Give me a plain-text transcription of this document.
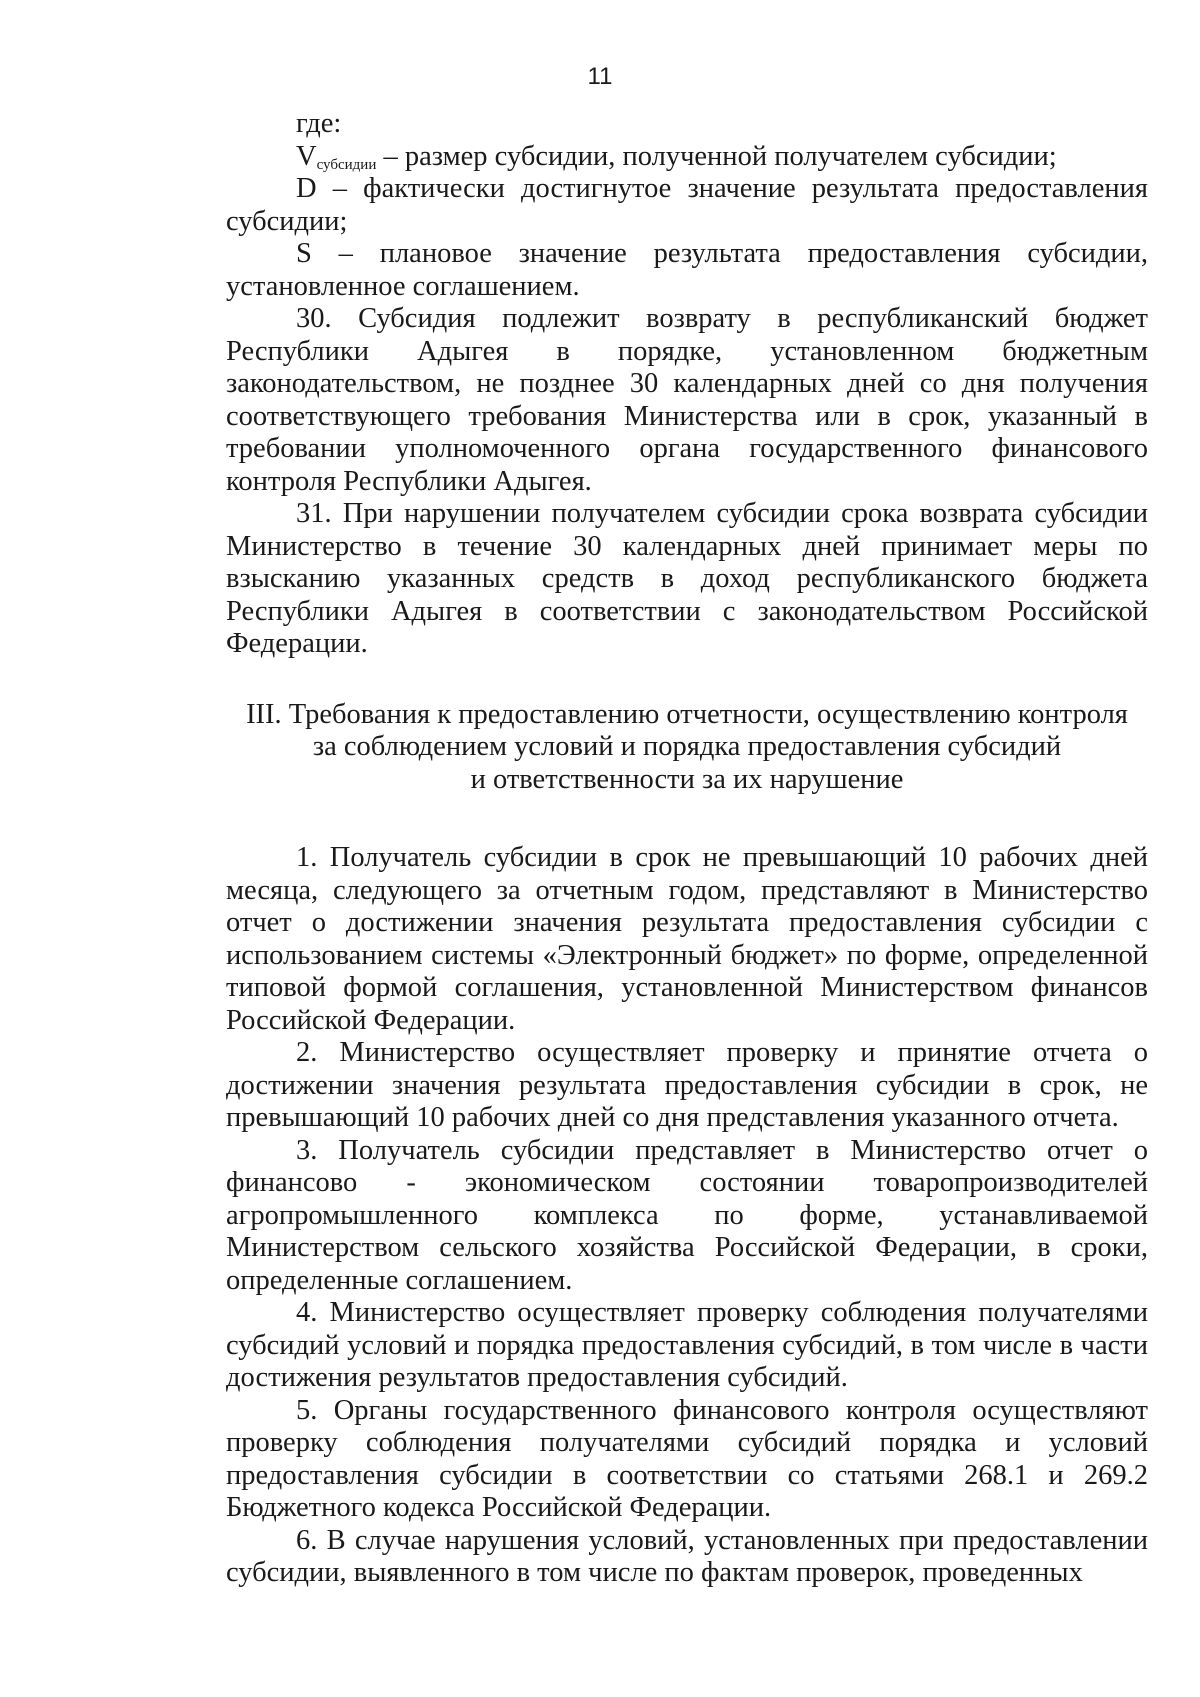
11

где:

$V_{субсидии}$ – размер субсидии, полученной получателем субсидии;

D – фактически достигнутое значение результата предоставления субсидии;

S – плановое значение результата предоставления субсидии, установленное соглашением.

30. Субсидия подлежит возврату в республиканский бюджет Республики Адыгея в порядке, установленном бюджетным законодательством, не позднее 30 календарных дней со дня получения соответствующего требования Министерства или в срок, указанный в требовании уполномоченного органа государственного финансового контроля Республики Адыгея.

31. При нарушении получателем субсидии срока возврата субсидии Министерство в течение 30 календарных дней принимает меры по взысканию указанных средств в доход республиканского бюджета Республики Адыгея в соответствии с законодательством Российской Федерации.

III. Требования к предоставлению отчетности, осуществлению контроля
за соблюдением условий и порядка предоставления субсидий
и ответственности за их нарушение

1. Получатель субсидии в срок не превышающий 10 рабочих дней месяца, следующего за отчетным годом, представляют в Министерство отчет о достижении значения результата предоставления субсидии с использованием системы «Электронный бюджет» по форме, определенной типовой формой соглашения, установленной Министерством финансов Российской Федерации.

2. Министерство осуществляет проверку и принятие отчета о достижении значения результата предоставления субсидии в срок, не превышающий 10 рабочих дней со дня представления указанного отчета.

3. Получатель субсидии представляет в Министерство отчет о финансово - экономическом состоянии товаропроизводителей агропромышленного комплекса по форме, устанавливаемой Министерством сельского хозяйства Российской Федерации, в сроки, определенные соглашением.

4. Министерство осуществляет проверку соблюдения получателями субсидий условий и порядка предоставления субсидий, в том числе в части достижения результатов предоставления субсидий.

5. Органы государственного финансового контроля осуществляют проверку соблюдения получателями субсидий порядка и условий предоставления субсидии в соответствии со статьями 268.1 и 269.2 Бюджетного кодекса Российской Федерации.

6. В случае нарушения условий, установленных при предоставлении субсидии, выявленного в том числе по фактам проверок, проведенных
